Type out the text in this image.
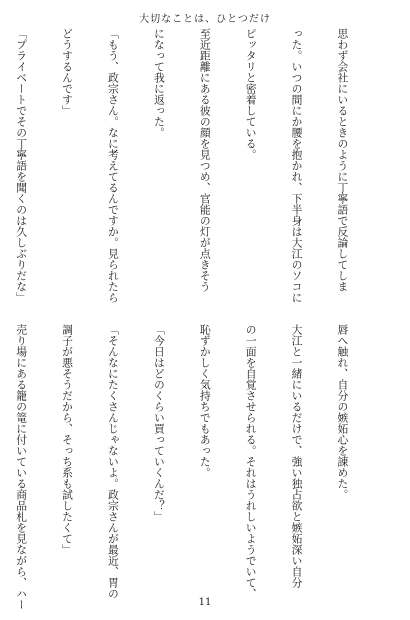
大切なことは、ひとつだけ

思わず会社にいるときのように丁寧語で反論してしま

った。いつの間にか腰を抱かれ、下半身は大江のソコに

ピッタリと密着している。

至近距離にある彼の顔を見つめ、官能の灯が点きそう

になって我に返った。

「もう、政宗さん。なに考えてるんですか。見られたら

どうするんです」

「プライベートでその丁寧語を聞くのは久しぶりだな」

唇へ触れ、自分の嫉妬心を諌めた。

大江と一緒にいるだけで、強い独占欲と嫉妬深い自分

の一面を自覚させられる。それはうれしいようでいて、

恥ずかしく気持ちでもあった。

「今日はどのくらい買っていくんだ？」

「そんなにたくさんじゃないよ。政宗さんが最近、胃の

調子が悪そうだから、そっち系も試したくて」

売り場にある籠の篭に付いている商品札を見ながら、ハー

	11
